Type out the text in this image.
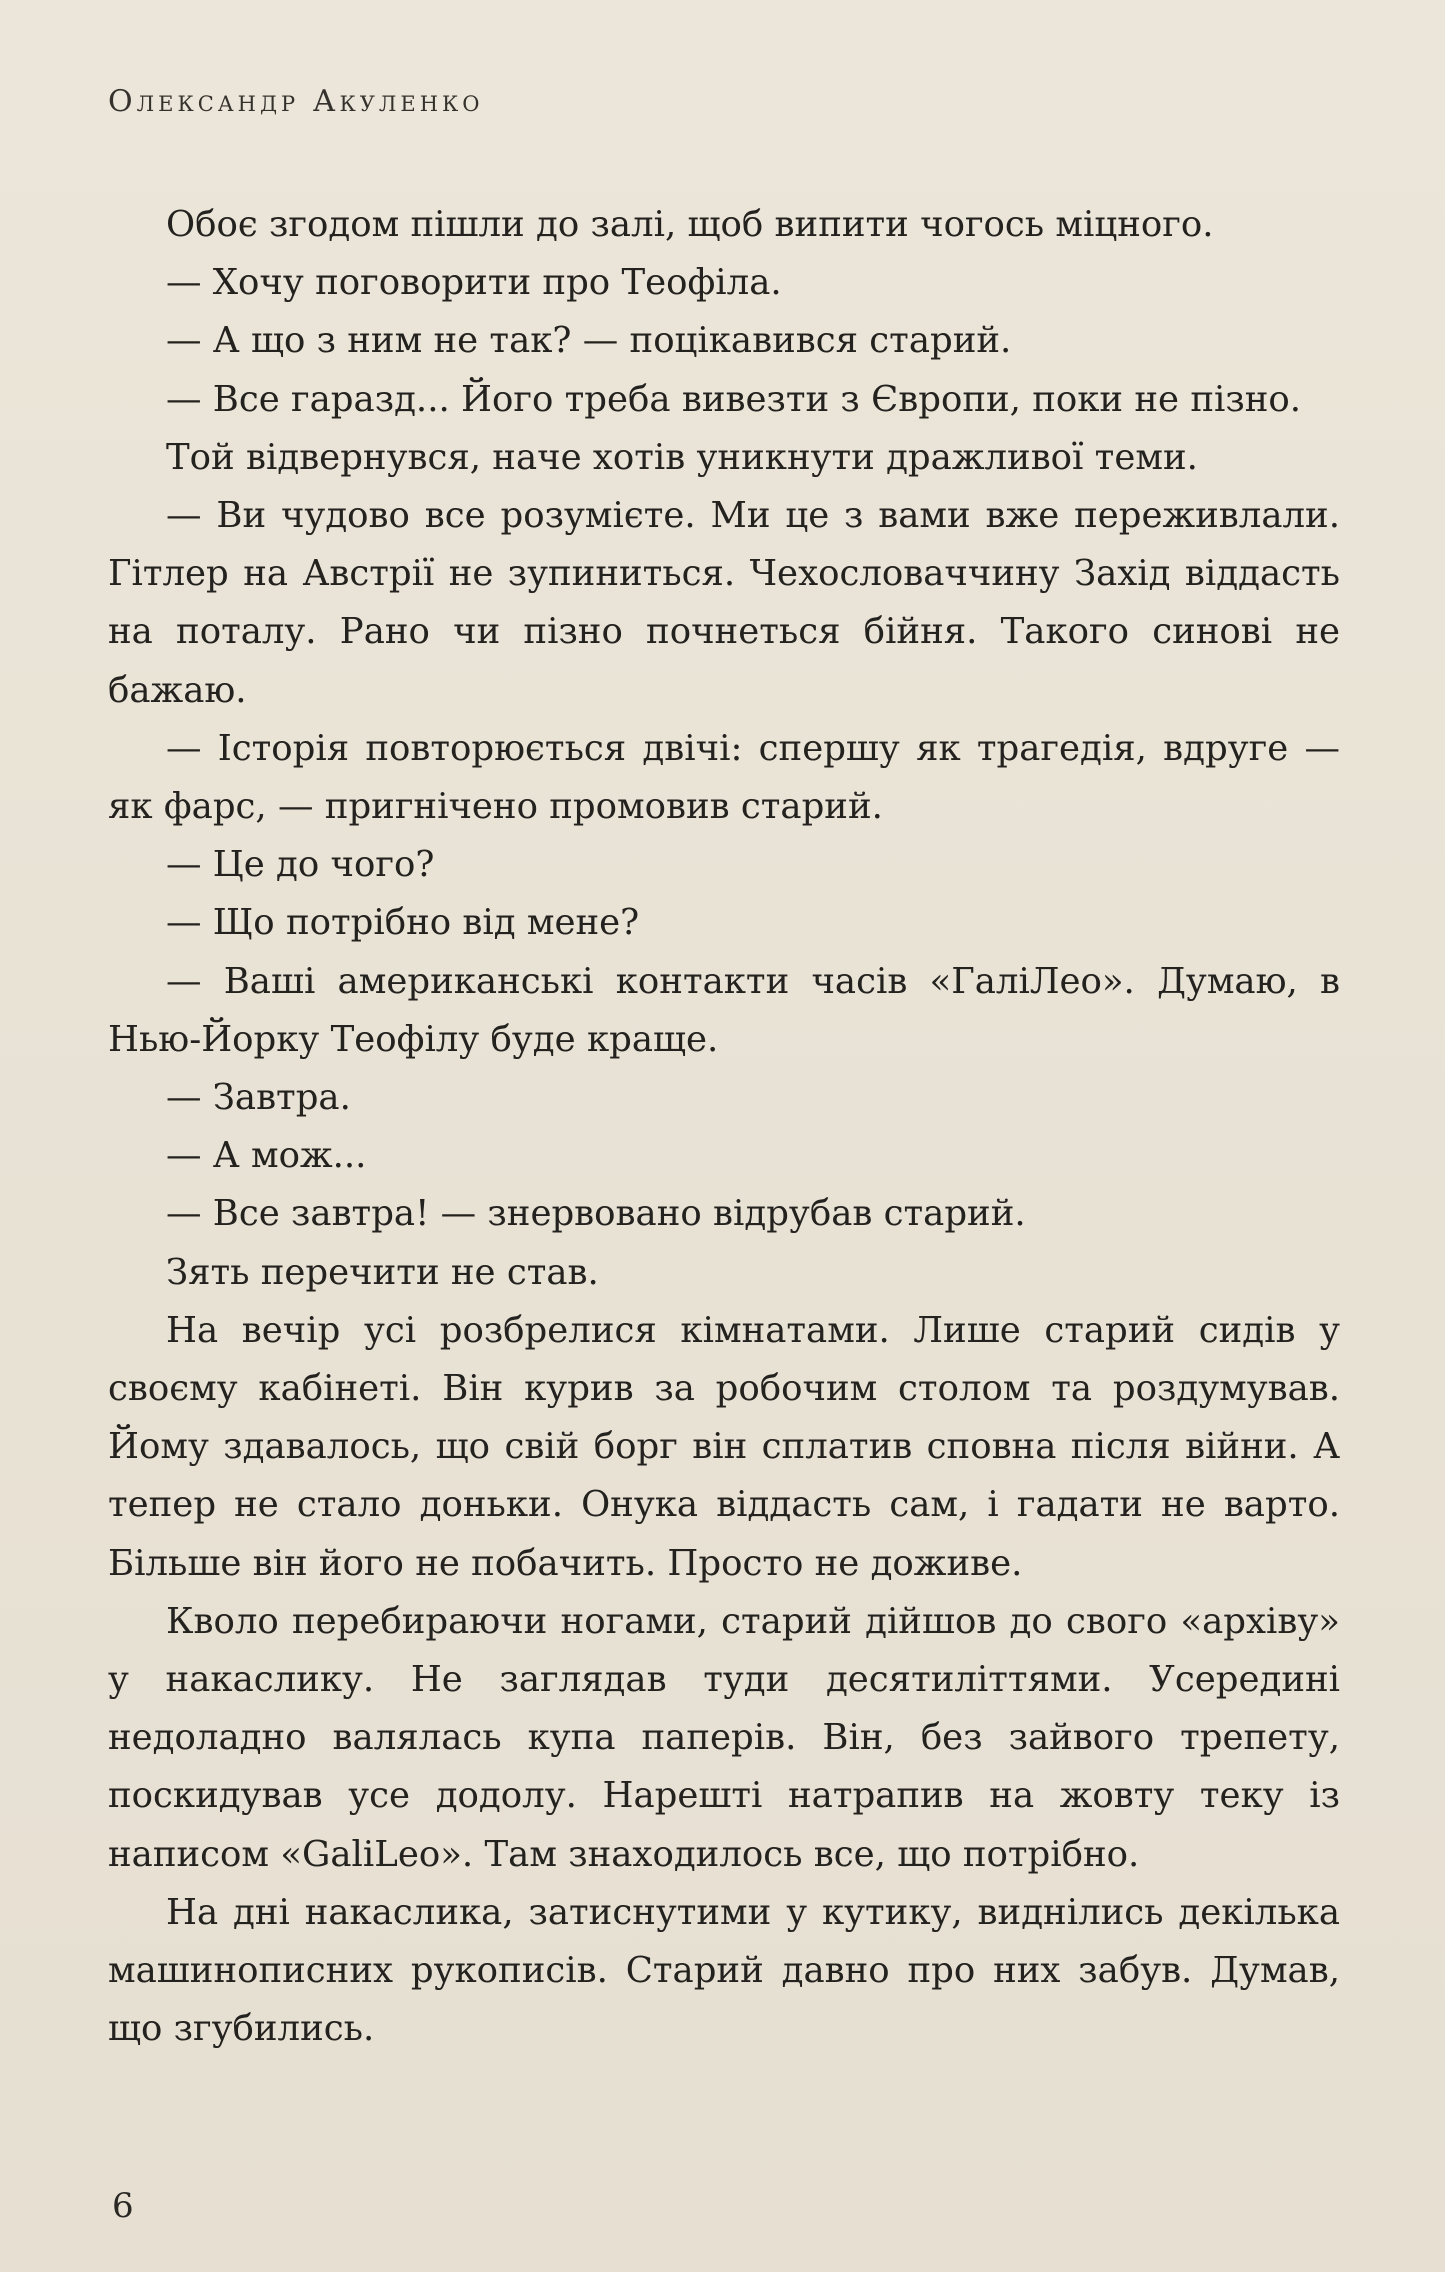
Олександр Акуленко

Обоє згодом пішли до залі, щоб випити чогось міцного.

— Хочу поговорити про Теофіла.

— А що з ним не так? — поцікавився старий.

— Все гаразд... Його треба вивезти з Європи, поки не пізно.

Той відвернувся, наче хотів уникнути дражливої теми.

— Ви чудово все розумієте. Ми це з вами вже переживлали. Гітлер на Австрії не зупиниться. Чехословаччину Захід віддасть на поталу. Рано чи пізно почнеться бійня. Такого синові не бажаю.

— Історія повторюється двічі: спершу як трагедія, вдруге — як фарс, — пригнічено промовив старий.

— Це до чого?

— Що потрібно від мене?

— Ваші американські контакти часів «ГаліЛео». Думаю, в Нью-Йорку Теофілу буде краще.

— Завтра.

— А мож...

— Все завтра! — знервовано відрубав старий.

Зять перечити не став.

На вечір усі розбрелися кімнатами. Лише старий сидів у своєму кабінеті. Він курив за робочим столом та роздумував. Йому здавалось, що свій борг він сплатив сповна після війни. А тепер не стало доньки. Онука віддасть сам, і гадати не варто. Більше він його не побачить. Просто не доживе.

Кволо перебираючи ногами, старий дійшов до свого «архіву» у накаслику. Не заглядав туди десятиліттями. Усередині недоладно валялась купа паперів. Він, без зайвого трепету, поскидував усе додолу. Нарешті натрапив на жовту теку із написом «GaliLeo». Там знаходилось все, що потрібно.

На дні накаслика, затиснутими у кутику, виднілись декілька машинописних рукописів. Старий давно про них забув. Думав, що згубились.

6
